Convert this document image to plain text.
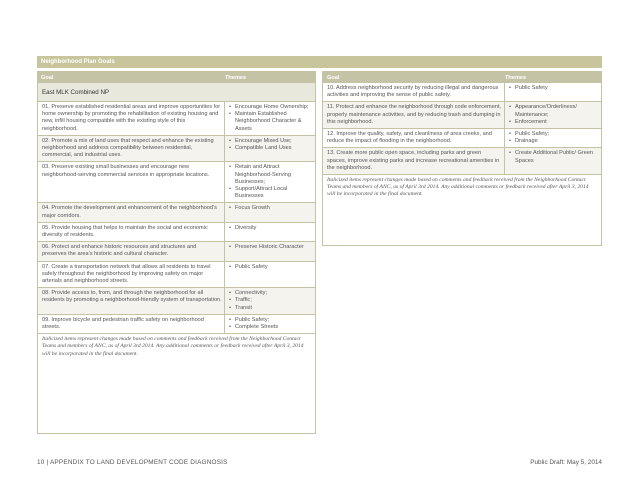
Neighborhood Plan Goals
Goal	Themes
East MLK Combined NP
01. Preserve established residential areas and improve opportunities for home ownership by promoting the rehabilitation of existing housing and new, infill housing compatible with the existing style of this neighborhood.
• Encourage Home Ownership;
• Maintain Established Neighborhood Character & Assets
02. Promote a mix of land uses that respect and enhance the existing neighborhood and address compatibility between residential, commercial, and industrial uses.
• Encourage Mixed Use;
• Compatible Land Uses
03. Preserve existing small businesses and encourage new neighborhood-serving commercial services in appropriate locations.
• Retain and Attract Neighborhood-Serving Businesses;
• Support/Attract Local Businesses
04. Promote the development and enhancement of the neighborhood's major corridors.
• Focus Growth
05. Provide housing that helps to maintain the social and economic diversity of residents.
• Diversity
06. Protect and enhance historic resources and structures and preserves the area's historic and cultural character.
• Preserve Historic Character
07. Create a transportation network that allows all residents to travel safely throughout the neighborhood by improving safety on major arterials and neighborhood streets.
• Public Safety
08. Provide access to, from, and through the neighborhood for all residents by promoting a neighborhood-friendly system of transportation.
• Connectivity;
• Traffic;
• Transit
09. Improve bicycle and pedestrian traffic safety on neighborhood streets.
• Public Safety;
• Complete Streets
Italicized items represent changes made based on comments and feedback received from the Neighborhood Contact Teams and members of ANC, as of April 3rd 2014. Any additional comments or feedback received after April 3, 2014 will be incorporated in the final document.
Goal	Themes
10. Address neighborhood security by reducing illegal and dangerous activities and improving the sense of public safety.
• Public Safety
11. Protect and enhance the neighborhood through code enforcement, properly maintenance activities, and by reducing trash and dumping in this neighborhood.
• Appearance/Orderliness/ Maintenance;
• Enforcement
12. Improve the quality, safety, and cleanliness of area creeks, and reduce the impact of flooding in the neighborhood.
• Public Safety;
• Drainage
13. Create more public open space, including parks and green spaces, improve existing parks and increase recreational amenities in the neighborhood.
• Create Additional Public/ Green Spaces
Italicized items represent changes made based on comments and feedback received from the Neighborhood Contact Teams and members of ANC, as of April 3rd 2014. Any additional comments or feedback received after April 3, 2014 will be incorporated in the final document.
10 | APPENDIX TO LAND DEVELOPMENT CODE DIAGNOSIS	Public Draft: May 5, 2014
